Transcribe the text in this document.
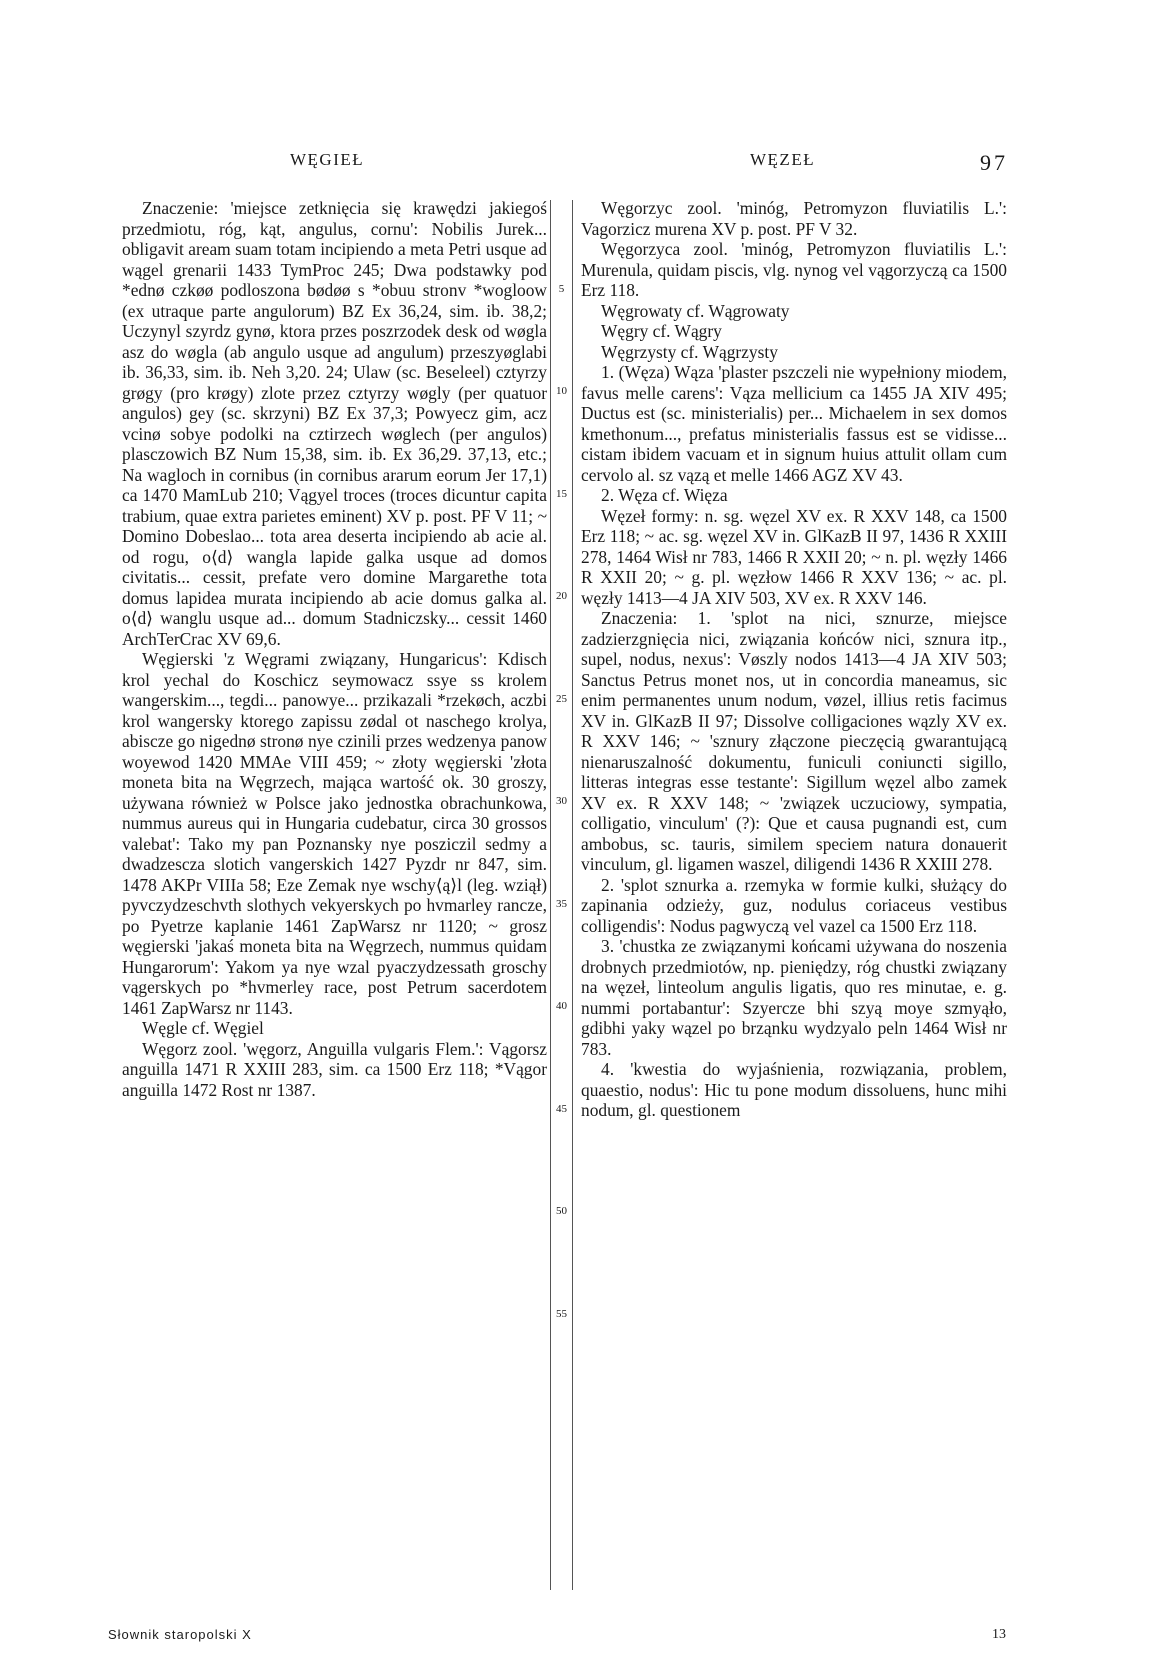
WĘGIEŁ	WĘZEŁ	97

Znaczenie: 'miejsce zetknięcia się krawędzi jakiegoś przedmiotu, róg, kąt, angulus, cornu': Nobilis Jurek... obligavit aream suam totam incipiendo a meta Petri usque ad wągel grenarii 1433 TymProc 245; Dwa podstawky pod *ednø czkøø podloszona bødøø s *obuu stronv *wogloow (ex utraque parte angulorum) BZ Ex 36,24, sim. ib. 38,2; Uczynyl szyrdz gynø, ktora przes poszrzodek desk od wøgla asz do wøgla (ab angulo usque ad angulum) przeszyøglabi ib. 36,33, sim. ib. Neh 3,20. 24; Ulaw (sc. Beseleel) cztyrzy grøgy (pro krøgy) zlote przez cztyrzy wøgly (per quatuor angulos) gey (sc. skrzyni) BZ Ex 37,3; Powyecz gim, acz vcinø sobye podolki na cztirzech wøglech (per angulos) plasczowich BZ Num 15,38, sim. ib. Ex 36,29. 37,13, etc.; Na wagloch in cornibus (in cornibus ararum eorum Jer 17,1) ca 1470 MamLub 210; Vągyel troces (troces dicuntur capita trabium, quae extra parietes eminent) XV p. post. PF V 11; ~ Domino Dobeslao... tota area deserta incipiendo ab acie al. od rogu, o⟨d⟩ wangla lapide galka usque ad domos civitatis... cessit, prefate vero domine Margarethe tota domus lapidea murata incipiendo ab acie domus galka al. o⟨d⟩ wanglu usque ad... domum Stadniczsky... cessit 1460 ArchTerCrac XV 69,6.

Węgierski 'z Węgrami związany, Hungaricus': Kdisch krol yechal do Koschicz seymowacz ssye ss krolem wangerskim..., tegdi... panowye... przikazali *rzekøch, aczbi krol wangersky ktorego zapissu zødal ot naschego krolya, abiscze go nigednø stronø nye czinili przes wedzenya panow woyewod 1420 MMAe VIII 459; ~ złoty węgierski 'złota moneta bita na Węgrzech, mająca wartość ok. 30 groszy, używana również w Polsce jako jednostka obrachunkowa, nummus aureus qui in Hungaria cudebatur, circa 30 grossos valebat': Tako my pan Poznansky nye posziczil sedmy a dwadzescza slotich vangerskich 1427 Pyzdr nr 847, sim. 1478 AKPr VIIIa 58; Eze Zemak nye wschy⟨ą⟩l (leg. wziął) pyvczydzeschvth slothych vekyerskych po hvmarley rancze, po Pyetrze kaplanie 1461 ZapWarsz nr 1120; ~ grosz węgierski 'jakaś moneta bita na Węgrzech, nummus quidam Hungarorum': Yakom ya nye wzal pyaczydzessath groschy vągerskych po *hvmerley race, post Petrum sacerdotem 1461 ZapWarsz nr 1143.

Węgle cf. Węgiel

Węgorz zool. 'węgorz, Anguilla vulgaris Flem.': Vągorsz anguilla 1471 R XXIII 283, sim. ca 1500 Erz 118; *Vągor anguilla 1472 Rost nr 1387.

5
10
15
20
25
30
35
40
45
50
55

Węgorzyc zool. 'minóg, Petromyzon fluviatilis L.': Vagorzicz murena XV p. post. PF V 32.

Węgorzyca zool. 'minóg, Petromyzon fluviatilis L.': Murenula, quidam piscis, vlg. nynog vel vągorzyczą ca 1500 Erz 118.

Węgrowaty cf. Wągrowaty

Węgry cf. Wągry

Węgrzysty cf. Wągrzysty

1. (Węza) Wąza 'plaster pszczeli nie wypełniony miodem, favus melle carens': Vąza mellicium ca 1455 JA XIV 495; Ductus est (sc. ministerialis) per... Michaelem in sex domos kmethonum..., prefatus ministerialis fassus est se vidisse... cistam ibidem vacuam et in signum huius attulit ollam cum cervolo al. sz vązą et melle 1466 AGZ XV 43.

2. Węza cf. Więza

Węzeł formy: n. sg. węzel XV ex. R XXV 148, ca 1500 Erz 118; ~ ac. sg. węzel XV in. GlKazB II 97, 1436 R XXIII 278, 1464 Wisł nr 783, 1466 R XXII 20; ~ n. pl. węzły 1466 R XXII 20; ~ g. pl. węzłow 1466 R XXV 136; ~ ac. pl. węzły 1413—4 JA XIV 503, XV ex. R XXV 146.

Znaczenia: 1. 'splot na nici, sznurze, miejsce zadzierzgnięcia nici, związania końców nici, sznura itp., supel, nodus, nexus': Vøszly nodos 1413—4 JA XIV 503; Sanctus Petrus monet nos, ut in concordia maneamus, sic enim permanentes unum nodum, vøzel, illius retis facimus XV in. GlKazB II 97; Dissolve colligaciones wązly XV ex. R XXV 146; ~ 'sznury złączone pieczęcią gwarantującą nienaruszalność dokumentu, funiculi coniuncti sigillo, litteras integras esse testante': Sigillum węzel albo zamek XV ex. R XXV 148; ~ 'związek uczuciowy, sympatia, colligatio, vinculum' (?): Que et causa pugnandi est, cum ambobus, sc. tauris, similem speciem natura donauerit vinculum, gl. ligamen waszel, diligendi 1436 R XXIII 278.

2. 'splot sznurka a. rzemyka w formie kulki, służący do zapinania odzieży, guz, nodulus coriaceus vestibus colligendis': Nodus pagwyczą vel vazel ca 1500 Erz 118.

3. 'chustka ze związanymi końcami używana do noszenia drobnych przedmiotów, np. pieniędzy, róg chustki związany na węzeł, linteolum angulis ligatis, quo res minutae, e. g. nummi portabantur': Szyercze bhi szyą moye szmyąło, gdibhi yaky wązel po brząnku wydzyalo peln 1464 Wisł nr 783.

4. 'kwestia do wyjaśnienia, rozwiązania, problem, quaestio, nodus': Hic tu pone modum dissoluens, hunc mihi nodum, gl. questionem

Słownik staropolski X	13
